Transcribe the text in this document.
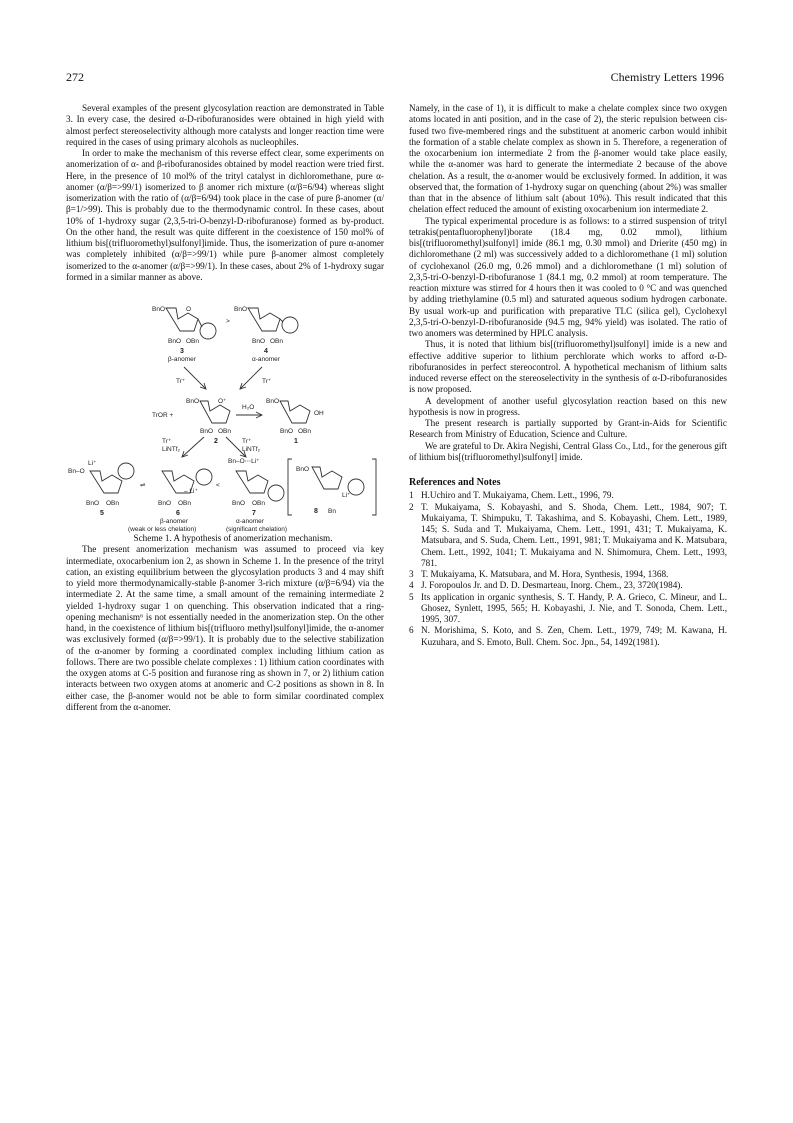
272	Chemistry Letters 1996

Several examples of the present glycosylation reaction are demonstrated in Table 3. In every case, the desired α-D-ribofuranosides were obtained in high yield with almost perfect stereoselectivity although more catalysts and longer reaction time were required in the cases of using primary alcohols as nucleophiles.

In order to make the mechanism of this reverse effect clear, some experiments on anomerization of α- and β-ribofuranosides obtained by model reaction were tried first. Here, in the presence of 10 mol% of the trityl catalyst in dichloromethane, pure α-anomer (α/β=>99/1) isomerized to β anomer rich mixture (α/β=6/94) whereas slight isomerization with the ratio of (α/β=6/94) took place in the case of pure β-anomer (α/β=1/>99). This is probably due to the thermodynamic control. In these cases, about 10% of 1-hydroxy sugar (2,3,5-tri-O-benzyl-D-ribofuranose) formed as by-product. On the other hand, the result was quite different in the coexistence of 150 mol% of lithium bis[(trifluoromethyl)sulfonyl]imide. Thus, the isomerization of pure α-anomer was completely inhibited (α/β=>99/1) while pure β-anomer almost completely isomerized to the α-anomer (α/β=>99/1). In these cases, about 2% of 1-hydroxy sugar formed in a similar manner as above.

BnO	O
BnO OBn
3
β-anomer
>
BnO
BnO OBn
4
α-anomer
Tr⁺	Tr⁺
TrOR +
BnO	O⁺
BnO OBn
2
H₂O
BnO
OH
BnO OBn
1
Tr⁺
LiNTf₂
Tr⁺
LiNTf₂
Bn–O
Li⁺
BnO OBn
5
⇌
BnO OBn
6
β-anomer
– Li⁺
<
Bn–O⋯Li⁺
BnO OBn
7
α-anomer
BnO
Li⁺
8 Bn
(weak or less chelation)	(significant chelation)

Scheme 1. A hypothesis of anomerization mechanism.

The present anomerization mechanism was assumed to proceed via key intermediate, oxocarbenium ion 2, as shown in Scheme 1. In the presence of the trityl cation, an existing equilibrium between the glycosylation products 3 and 4 may shift to yield more thermodynamically-stable β-anomer 3-rich mixture (α/β=6/94) via the intermediate 2. At the same time, a small amount of the remaining intermediate 2 yielded 1-hydroxy sugar 1 on quenching. This observation indicated that a ring-opening mechanism⁶ is not essentially needed in the anomerization step. On the other hand, in the coexistence of lithium bis[(trifluoro methyl)sulfonyl]imide, the α-anomer was exclusively formed (α/β=>99/1). It is probably due to the selective stabilization of the α-anomer by forming a coordinated complex including lithium cation as follows. There are two possible chelate complexes : 1) lithium cation coordinates with the oxygen atoms at C-5 position and furanose ring as shown in 7, or 2) lithium cation interacts between two oxygen atoms at anomeric and C-2 positions as shown in 8. In either case, the β-anomer would not be able to form similar coordinated complex different from the α-anomer.

Namely, in the case of 1), it is difficult to make a chelate complex since two oxygen atoms located in anti position, and in the case of 2), the steric repulsion between cis-fused two five-membered rings and the substituent at anomeric carbon would inhibit the formation of a stable chelate complex as shown in 5. Therefore, a regeneration of the oxocarbenium ion intermediate 2 from the β-anomer would take place easily, while the α-anomer was hard to generate the intermediate 2 because of the above chelation. As a result, the α-anomer would be exclusively formed. In addition, it was observed that, the formation of 1-hydroxy sugar on quenching (about 2%) was smaller than that in the absence of lithium salt (about 10%). This result indicated that this chelation effect reduced the amount of existing oxocarbenium ion intermediate 2.

The typical experimental procedure is as follows: to a stirred suspension of trityl tetrakis(pentafluorophenyl)borate (18.4 mg, 0.02 mmol), lithium bis[(trifluoromethyl)sulfonyl] imide (86.1 mg, 0.30 mmol) and Drierite (450 mg) in dichloromethane (2 ml) was successively added to a dichloromethane (1 ml) solution of cyclohexanol (26.0 mg, 0.26 mmol) and a dichloromethane (1 ml) solution of 2,3,5-tri-O-benzyl-D-ribofuranose 1 (84.1 mg, 0.2 mmol) at room temperature. The reaction mixture was stirred for 4 hours then it was cooled to 0 °C and was quenched by adding triethylamine (0.5 ml) and saturated aqueous sodium hydrogen carbonate. By usual work-up and purification with preparative TLC (silica gel), Cyclohexyl 2,3,5-tri-O-benzyl-D-ribofuranoside (94.5 mg, 94% yield) was isolated. The ratio of two anomers was determined by HPLC analysis.

Thus, it is noted that lithium bis[(trifluoromethyl)sulfonyl] imide is a new and effective additive superior to lithium perchlorate which works to afford α-D-ribofuranosides in perfect stereocontrol. A hypothetical mechanism of lithium salts induced reverse effect on the stereoselectivity in the synthesis of α-D-ribofuranosides is now proposed.

A development of another useful glycosylation reaction based on this new hypothesis is now in progress.

The present research is partially supported by Grant-in-Aids for Scientific Research from Ministry of Education, Science and Culture.

We are grateful to Dr. Akira Negishi, Central Glass Co., Ltd., for the generous gift of lithium bis[(trifluoromethyl)sulfonyl] imide.

References and Notes
1 H.Uchiro and T. Mukaiyama, Chem. Lett., 1996, 79.
2 T. Mukaiyama, S. Kobayashi, and S. Shoda, Chem. Lett., 1984, 907; T. Mukaiyama, T. Shimpuku, T. Takashima, and S. Kobayashi, Chem. Lett., 1989, 145; S. Suda and T. Mukaiyama, Chem. Lett., 1991, 431; T. Mukaiyama, K. Matsubara, and S. Suda, Chem. Lett., 1991, 981; T. Mukaiyama and K. Matsubara, Chem. Lett., 1992, 1041; T. Mukaiyama and N. Shimomura, Chem. Lett., 1993, 781.
3 T. Mukaiyama, K. Matsubara, and M. Hora, Synthesis, 1994, 1368.
4 J. Foropoulos Jr. and D. D. Desmarteau, Inorg. Chem., 23, 3720(1984).
5 Its application in organic synthesis, S. T. Handy, P. A. Grieco, C. Mineur, and L. Ghosez, Synlett, 1995, 565; H. Kobayashi, J. Nie, and T. Sonoda, Chem. Lett., 1995, 307.
6 N. Morishima, S. Koto, and S. Zen, Chem. Lett., 1979, 749; M. Kawana, H. Kuzuhara, and S. Emoto, Bull. Chem. Soc. Jpn., 54, 1492(1981).
